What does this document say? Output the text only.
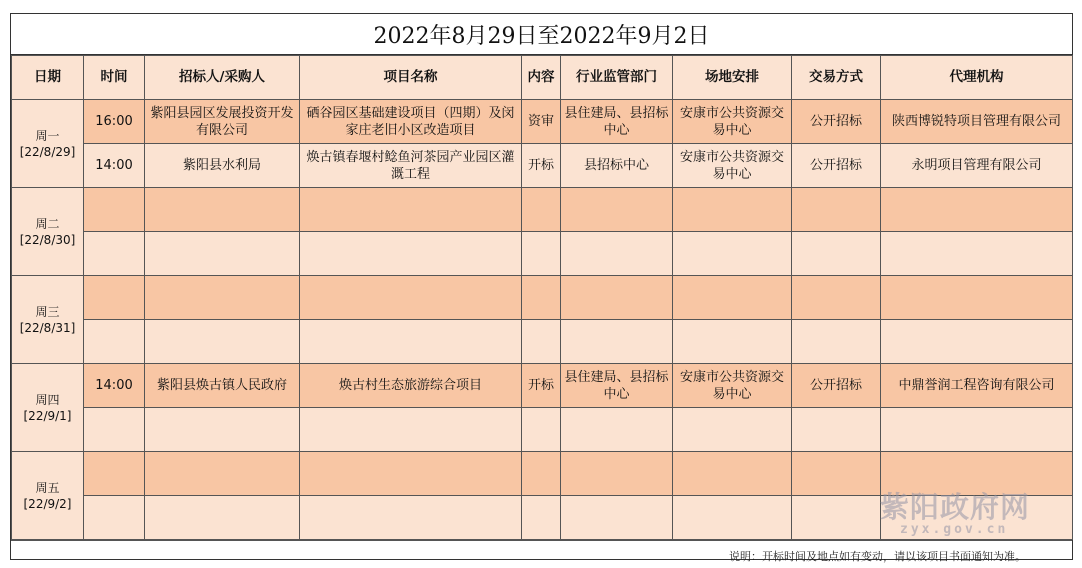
2022年8月29日至2022年9月2日
日期	时间	招标人/采购人	项目名称	内容	行业监管部门	场地安排	交易方式	代理机构

周一
[22/8/29]	16:00	紫阳县园区发展投资开发有限公司	硒谷园区基础建设项目（四期）及闵家庄老旧小区改造项目	资审	县住建局、县招标中心	安康市公共资源交易中心	公开招标	陕西博锐特项目管理有限公司
	14:00	紫阳县水利局	焕古镇春堰村鲶鱼河茶园产业园区灌溉工程	开标	县招标中心	安康市公共资源交易中心	公开招标	永明项目管理有限公司

周二
[22/8/30]								

周三
[22/8/31]								

周四
[22/9/1]	14:00	紫阳县焕古镇人民政府	焕古村生态旅游综合项目	开标	县住建局、县招标中心	安康市公共资源交易中心	公开招标	中鼎誉润工程咨询有限公司

周五
[22/9/2]								

说明：开标时间及地点如有变动，请以该项目书面通知为准。
紫阳政府网
zyx.gov.cn
